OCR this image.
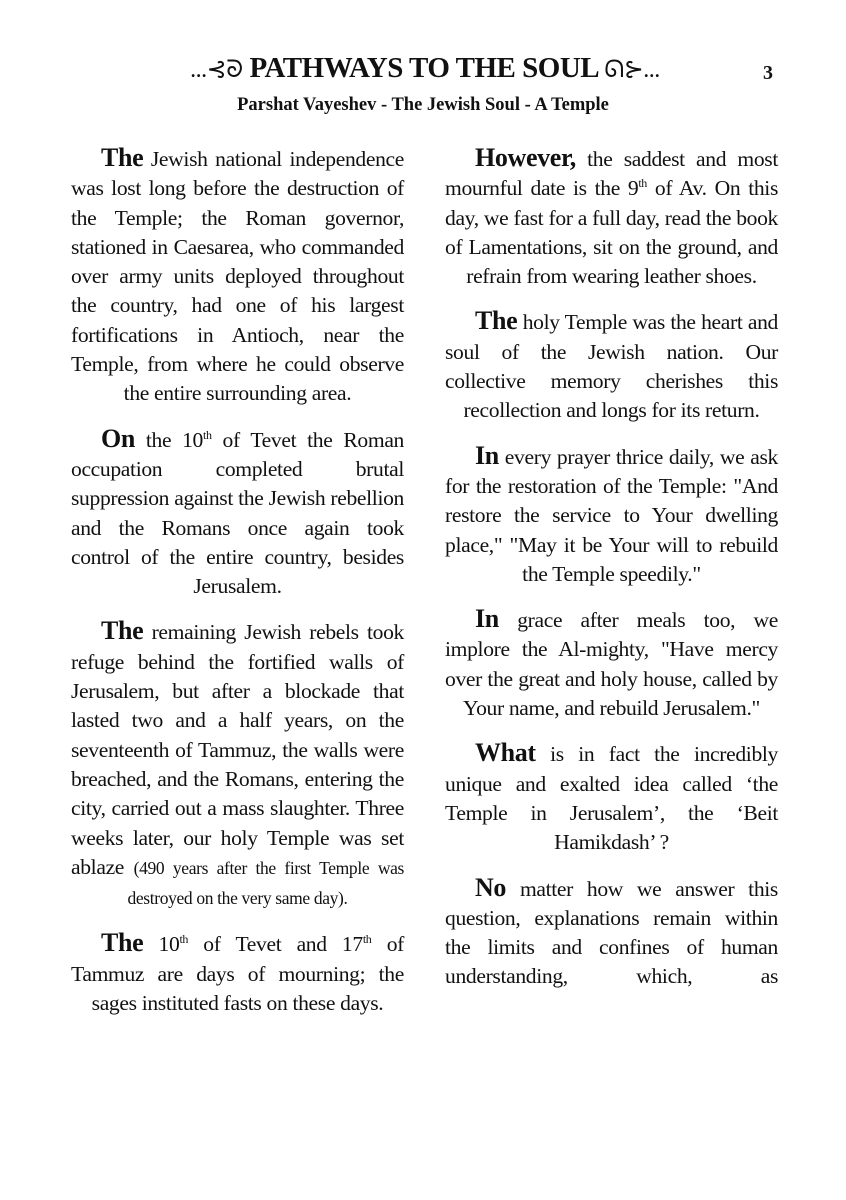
...⊰ᘐ PATHWAYS TO THE SOUL ᘏ⊱...	3
Parshat Vayeshev - The Jewish Soul - A Temple

The Jewish national independence was lost long before the destruction of the Temple; the Roman governor, stationed in Caesarea, who commanded over army units deployed throughout the country, had one of his largest fortifications in Antioch, near the Temple, from where he could observe the entire surrounding area.

On the 10th of Tevet the Roman occupation completed brutal suppression against the Jewish rebellion and the Romans once again took control of the entire country, besides Jerusalem.

The remaining Jewish rebels took refuge behind the fortified walls of Jerusalem, but after a blockade that lasted two and a half years, on the seventeenth of Tammuz, the walls were breached, and the Romans, entering the city, carried out a mass slaughter. Three weeks later, our holy Temple was set ablaze (490 years after the first Temple was destroyed on the very same day).

The 10th of Tevet and 17th of Tammuz are days of mourning; the sages instituted fasts on these days.

However, the saddest and most mournful date is the 9th of Av. On this day, we fast for a full day, read the book of Lamentations, sit on the ground, and refrain from wearing leather shoes.

The holy Temple was the heart and soul of the Jewish nation. Our collective memory cherishes this recollection and longs for its return.

In every prayer thrice daily, we ask for the restoration of the Temple: "And restore the service to Your dwelling place," "May it be Your will to rebuild the Temple speedily."

In grace after meals too, we implore the Al-mighty, "Have mercy over the great and holy house, called by Your name, and rebuild Jerusalem."

What is in fact the incredibly unique and exalted idea called ‘the Temple in Jerusalem’, the ‘Beit Hamikdash’ ?

No matter how we answer this question, explanations remain within the limits and confines of human understanding, which, as
